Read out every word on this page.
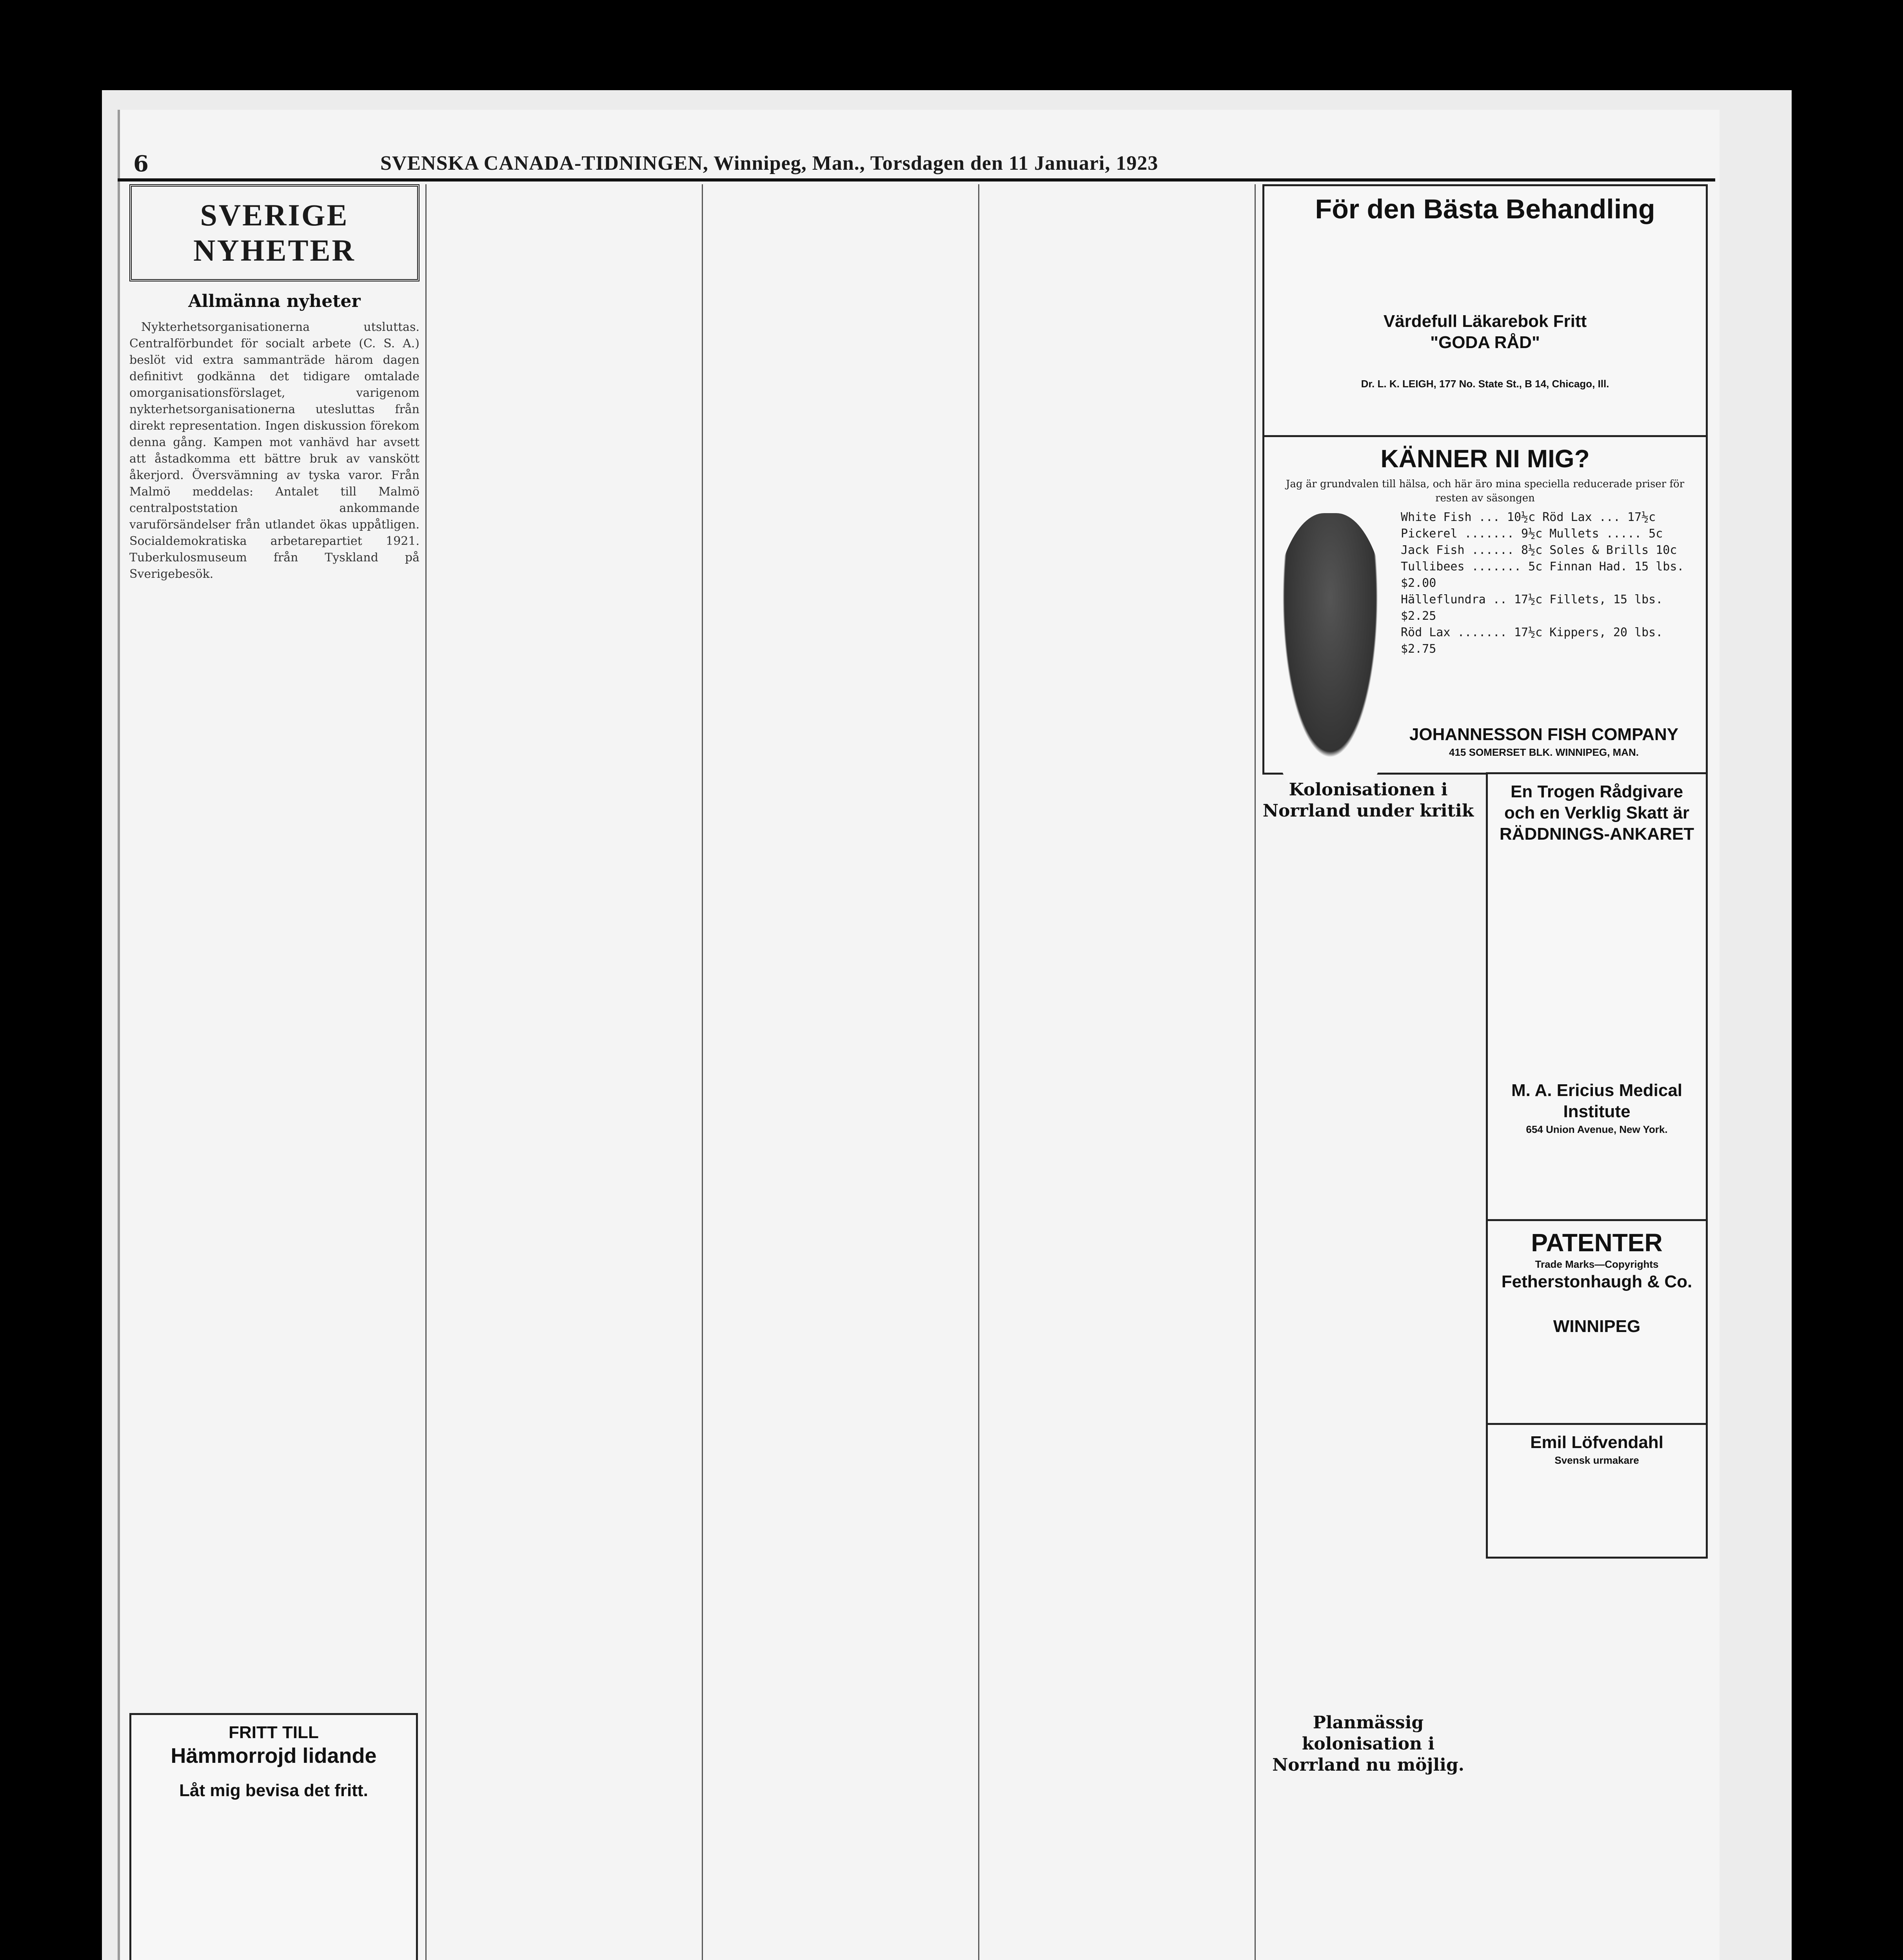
6	SVENSKA CANADA-TIDNINGEN, Winnipeg, Man., Torsdagen den 11 Januari, 1923
SVERIGE NYHETER
Allmänna nyheter

Nykterhetsorganisationerna utsluttas. Centralförbundet för socialt arbete (C. S. A.) beslöt vid extra sammanträde härom dagen definitivt godkänna det tidigare omtalade omorganisationsförslaget, varigenom nykterhetsorganisationerna utesluttas från direkt representation. Ingen diskussion förekom denna gång. Kampen mot vanhävd har avsett att åstadkomma ett bättre bruk av vanskött åkerjord. Översvämning av tyska varor. Från Malmö meddelas: Antalet till Malmö centralpoststation ankommande varuförsändelser från utlandet ökas uppåtligen. Socialdemokratiska arbetarepartiet 1921. Tuberkulosmuseum från Tyskland på Sverigebesök.

FRITT TILL
Hämmorrojd lidande
Låt mig bevisa det fritt.
För den Bästa Behandling
Värdefull Läkarebok Fritt
"GODA RÅD"
Dr. L. K. LEIGH, 177 No. State St., B 14, Chicago, Ill.
KÄNNER NI MIG?
Jag är grundvalen till hälsa, och här äro mina speciella reducerade priser för resten av säsongen
White Fish ... 10½c Röd Lax ... 17½c
Pickerel ....... 9½c Mullets ..... 5c
Jack Fish ...... 8½c Soles & Brills 10c
Tullibees ....... 5c Finnan Had. 15 lbs. $2.00
Hälleflundra .. 17½c Fillets, 15 lbs. $2.25
Röd Lax ....... 17½c Kippers, 20 lbs. $2.75
JOHANNESSON FISH COMPANY
415 SOMERSET BLK. WINNIPEG, MAN.
Kolonisationen i Norrland under kritik
En Trogen Rådgivare och en Verklig Skatt är RÄDDNINGS-ANKARET
M. A. Ericius Medical Institute
654 Union Avenue, New York.
PATENTER
Trade Marks—Copyrights
Fetherstonhaugh & Co.
WINNIPEG
Emil Löfvendahl
Svensk urmakare
Planmässig kolonisation i Norrland nu möjlig.
